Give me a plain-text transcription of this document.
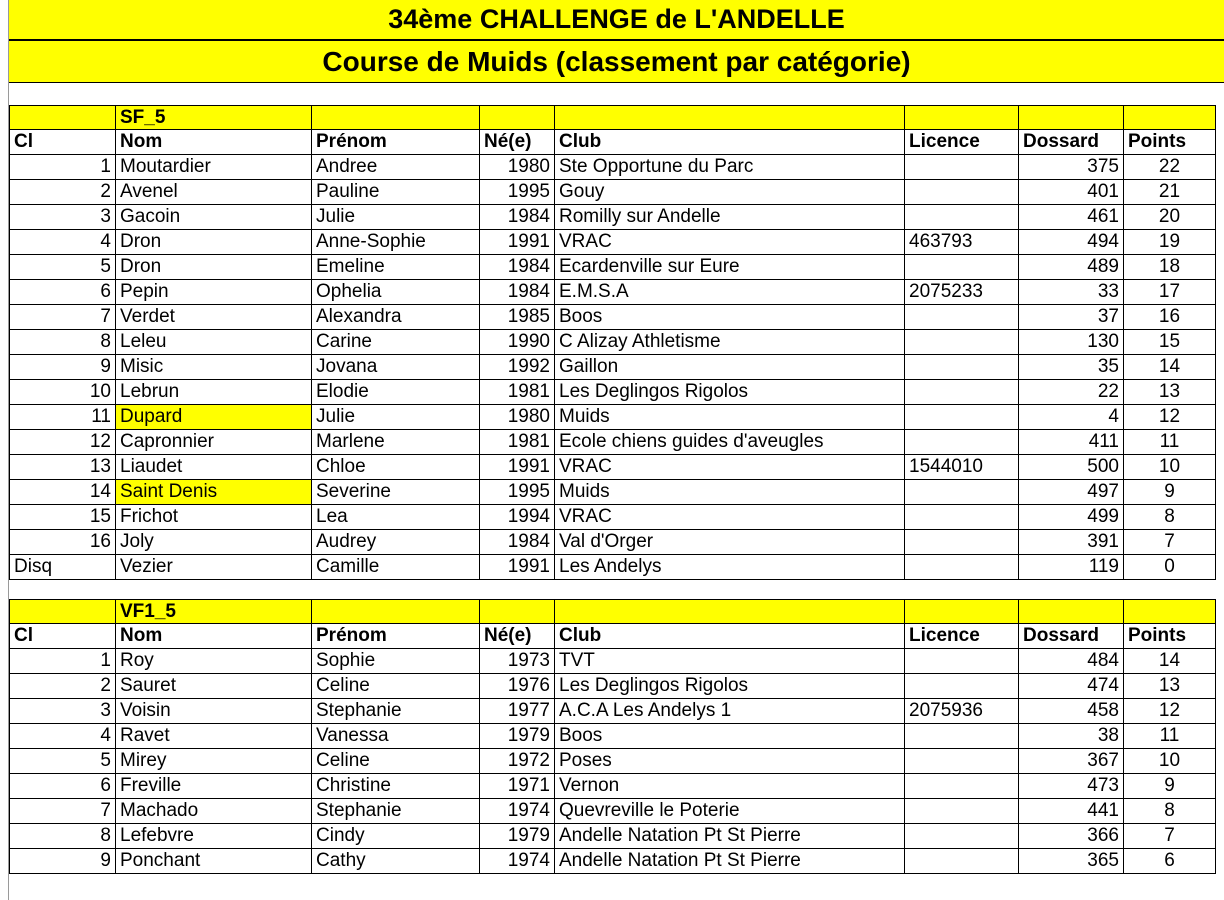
34ème CHALLENGE de L'ANDELLE
Course de Muids (classement par catégorie)
	SF_5						
Cl	Nom	Prénom	Né(e)	Club	Licence	Dossard	Points
1	Moutardier	Andree	1980	Ste Opportune du Parc		375	22
2	Avenel	Pauline	1995	Gouy		401	21
3	Gacoin	Julie	1984	Romilly sur Andelle		461	20
4	Dron	Anne-Sophie	1991	VRAC	463793	494	19
5	Dron	Emeline	1984	Ecardenville sur Eure		489	18
6	Pepin	Ophelia	1984	E.M.S.A	2075233	33	17
7	Verdet	Alexandra	1985	Boos		37	16
8	Leleu	Carine	1990	C Alizay Athletisme		130	15
9	Misic	Jovana	1992	Gaillon		35	14
10	Lebrun	Elodie	1981	Les Deglingos Rigolos		22	13
11	Dupard	Julie	1980	Muids		4	12
12	Capronnier	Marlene	1981	Ecole chiens guides d'aveugles		411	11
13	Liaudet	Chloe	1991	VRAC	1544010	500	10
14	Saint Denis	Severine	1995	Muids		497	9
15	Frichot	Lea	1994	VRAC		499	8
16	Joly	Audrey	1984	Val d'Orger		391	7
Disq	Vezier	Camille	1991	Les Andelys		119	0
	VF1_5						
Cl	Nom	Prénom	Né(e)	Club	Licence	Dossard	Points
1	Roy	Sophie	1973	TVT		484	14
2	Sauret	Celine	1976	Les Deglingos Rigolos		474	13
3	Voisin	Stephanie	1977	A.C.A Les Andelys 1	2075936	458	12
4	Ravet	Vanessa	1979	Boos		38	11
5	Mirey	Celine	1972	Poses		367	10
6	Freville	Christine	1971	Vernon		473	9
7	Machado	Stephanie	1974	Quevreville le Poterie		441	8
8	Lefebvre	Cindy	1979	Andelle Natation Pt St Pierre		366	7
9	Ponchant	Cathy	1974	Andelle Natation Pt St Pierre		365	6
